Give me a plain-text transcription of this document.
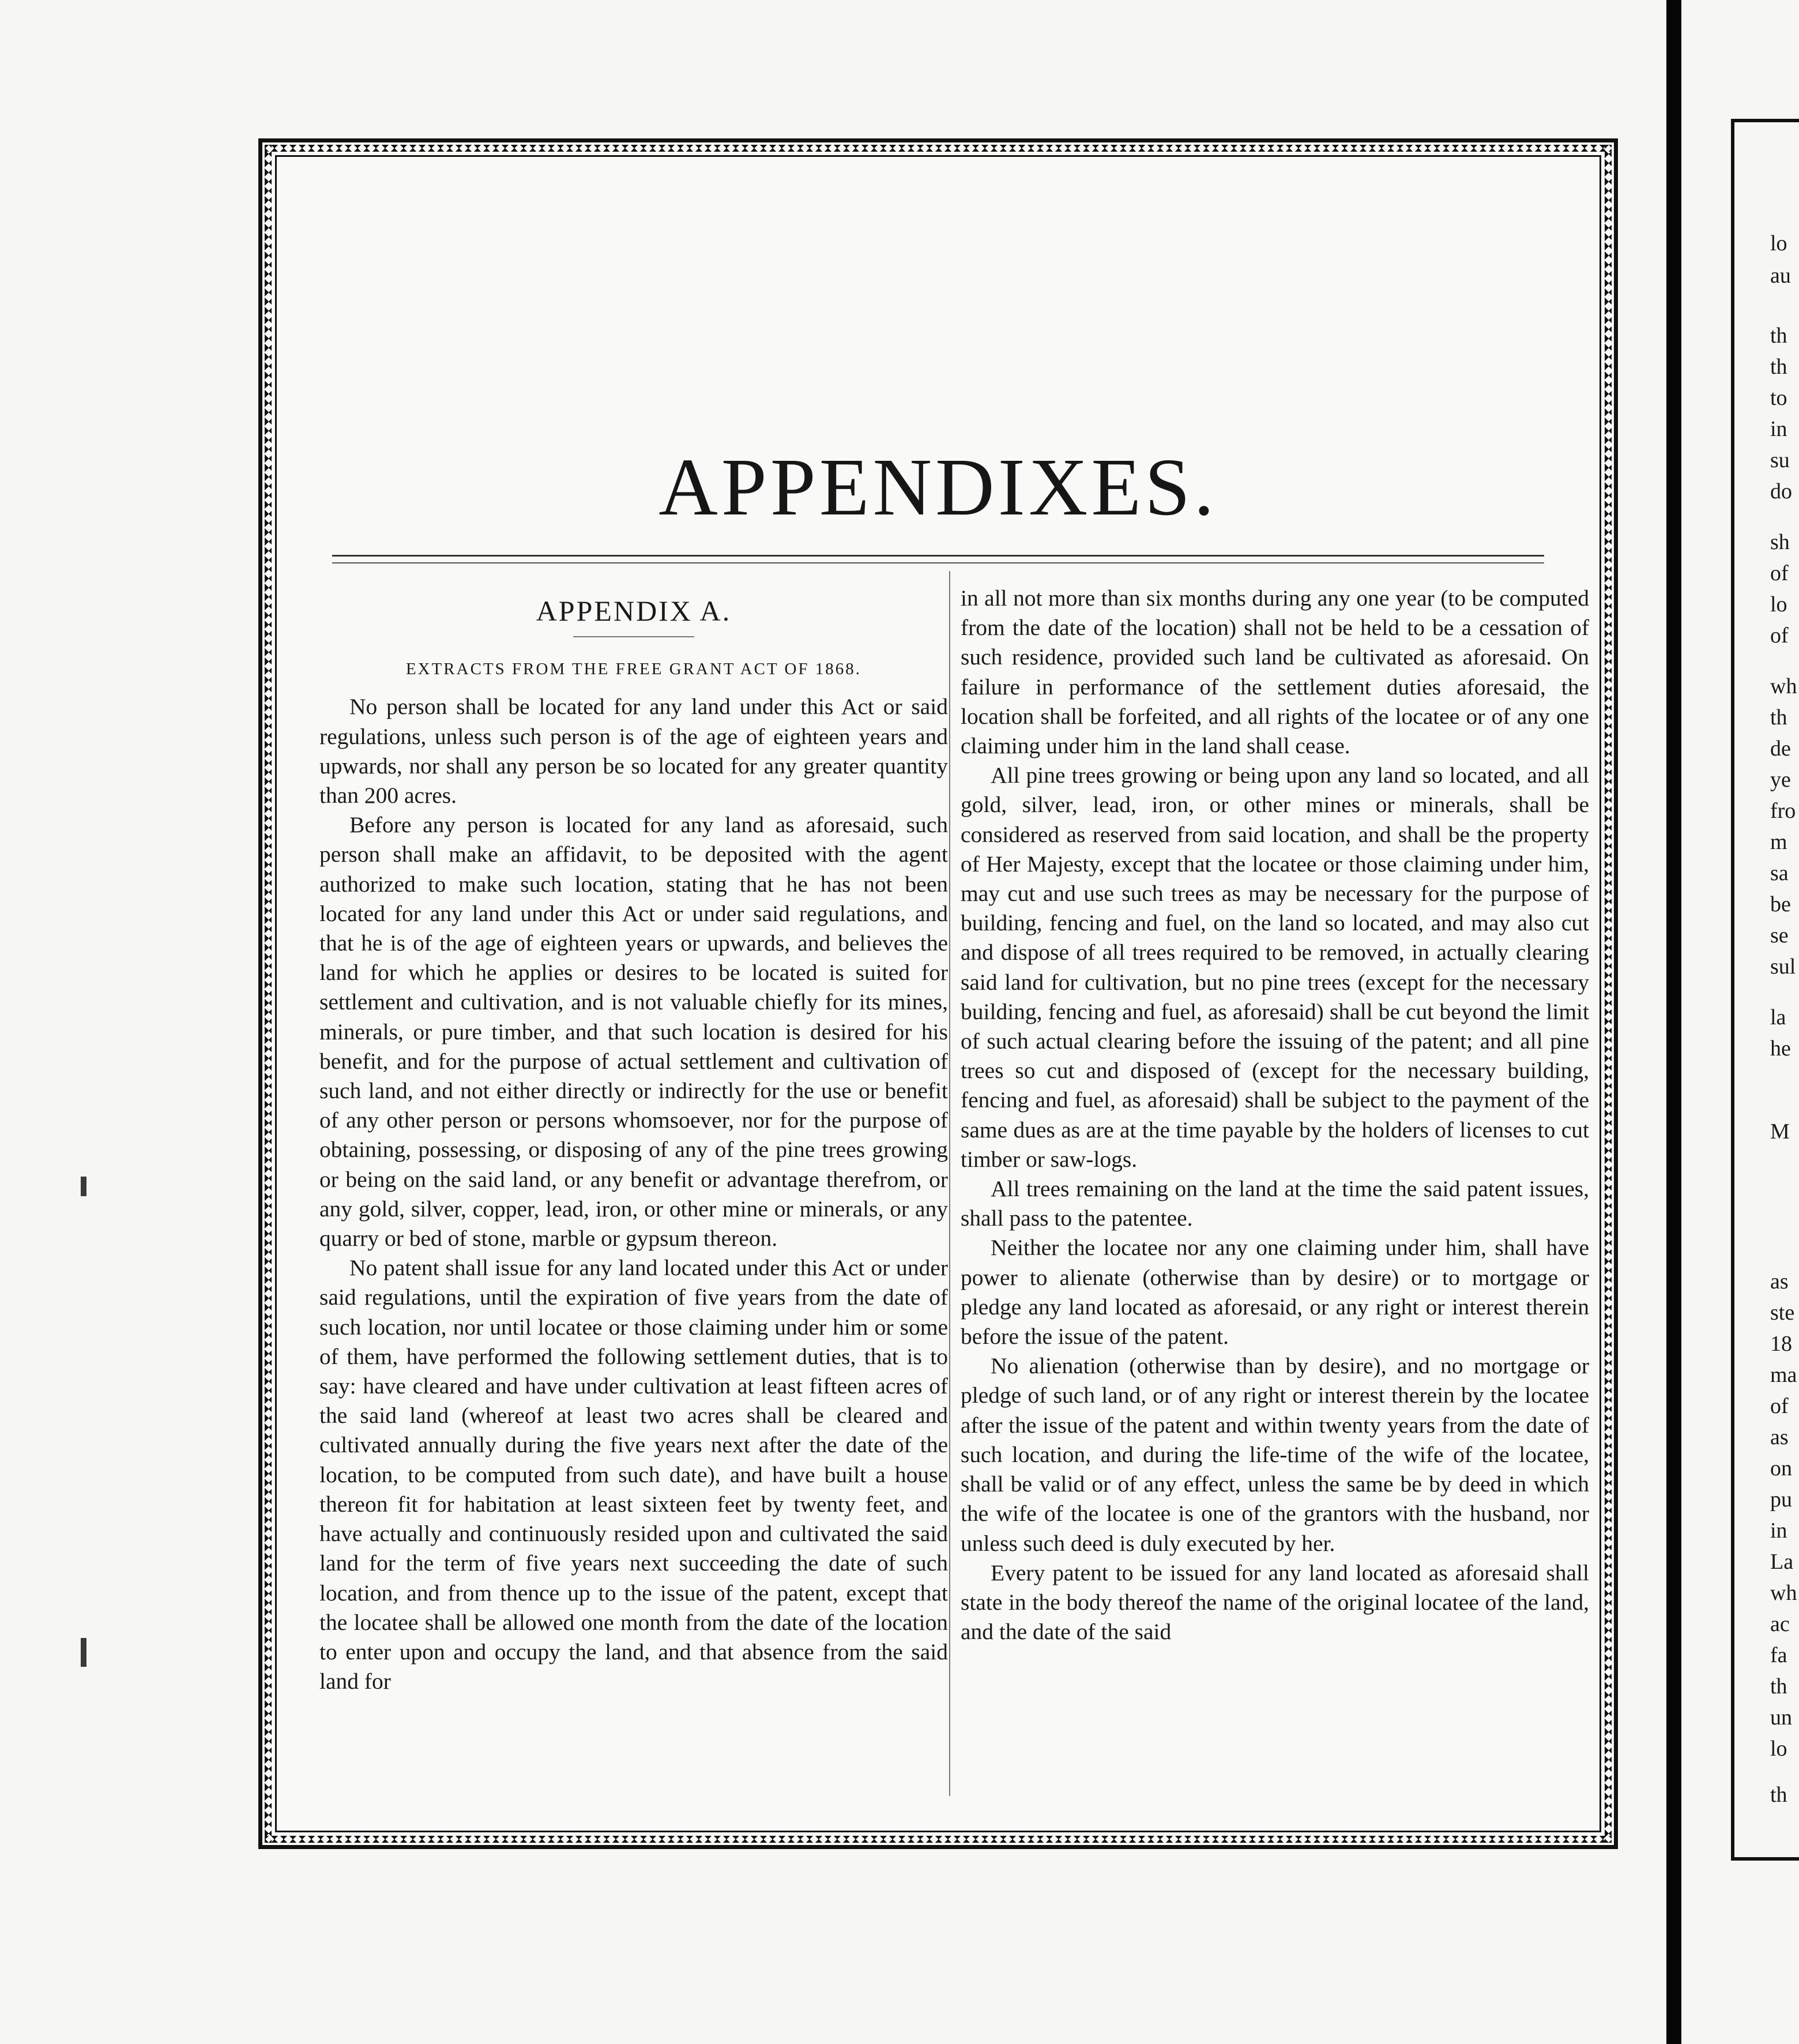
APPENDIXES.
APPENDIX A.
EXTRACTS FROM THE FREE GRANT ACT OF 1868.

No person shall be located for any land under this Act or said regulations, unless such person is of the age of eighteen years and upwards, nor shall any person be so located for any greater quantity than 200 acres.

Before any person is located for any land as aforesaid, such person shall make an affidavit, to be deposited with the agent authorized to make such location, stating that he has not been located for any land under this Act or under said regulations, and that he is of the age of eighteen years or upwards, and believes the land for which he applies or desires to be located is suited for settlement and cultivation, and is not valuable chiefly for its mines, minerals, or pure timber, and that such location is desired for his benefit, and for the purpose of actual settlement and cultivation of such land, and not either directly or indirectly for the use or benefit of any other person or persons whomsoever, nor for the purpose of obtaining, possessing, or disposing of any of the pine trees growing or being on the said land, or any benefit or advantage therefrom, or any gold, silver, copper, lead, iron, or other mine or minerals, or any quarry or bed of stone, marble or gypsum thereon.

No patent shall issue for any land located under this Act or under said regulations, until the expiration of five years from the date of such location, nor until locatee or those claiming under him or some of them, have performed the following settlement duties, that is to say: have cleared and have under cultivation at least fifteen acres of the said land (whereof at least two acres shall be cleared and cultivated annually during the five years next after the date of the location, to be computed from such date), and have built a house thereon fit for habitation at least sixteen feet by twenty feet, and have actually and continuously resided upon and cultivated the said land for the term of five years next succeeding the date of such location, and from thence up to the issue of the patent, except that the locatee shall be allowed one month from the date of the location to enter upon and occupy the land, and that absence from the said land for

in all not more than six months during any one year (to be computed from the date of the location) shall not be held to be a cessation of such residence, provided such land be cultivated as aforesaid. On failure in performance of the settlement duties aforesaid, the location shall be forfeited, and all rights of the locatee or of any one claiming under him in the land shall cease.

All pine trees growing or being upon any land so located, and all gold, silver, lead, iron, or other mines or minerals, shall be considered as reserved from said location, and shall be the property of Her Majesty, except that the locatee or those claiming under him, may cut and use such trees as may be necessary for the purpose of building, fencing and fuel, on the land so located, and may also cut and dispose of all trees required to be removed, in actually clearing said land for cultivation, but no pine trees (except for the necessary building, fencing and fuel, as aforesaid) shall be cut beyond the limit of such actual clearing before the issuing of the patent; and all pine trees so cut and disposed of (except for the necessary building, fencing and fuel, as aforesaid) shall be subject to the payment of the same dues as are at the time payable by the holders of licenses to cut timber or saw-logs.

All trees remaining on the land at the time the said patent issues, shall pass to the patentee.

Neither the locatee nor any one claiming under him, shall have power to alienate (otherwise than by desire) or to mortgage or pledge any land located as aforesaid, or any right or interest therein before the issue of the patent.

No alienation (otherwise than by desire), and no mortgage or pledge of such land, or of any right or interest therein by the locatee after the issue of the patent and within twenty years from the date of such location, and during the life-time of the wife of the locatee, shall be valid or of any effect, unless the same be by deed in which the wife of the locatee is one of the grantors with the husband, nor unless such deed is duly executed by her.

Every patent to be issued for any land located as aforesaid shall state in the body thereof the name of the original locatee of the land, and the date of the said

lo
au
th
th
to
in
su
do
sh
of
lo
of
wh
th
de
ye
fro
m
sa
be
se
sul
la
he
M
as
ste
18
ma
of
as
on
pu
in
La
wh
ac
fa
th
un
lo
th
